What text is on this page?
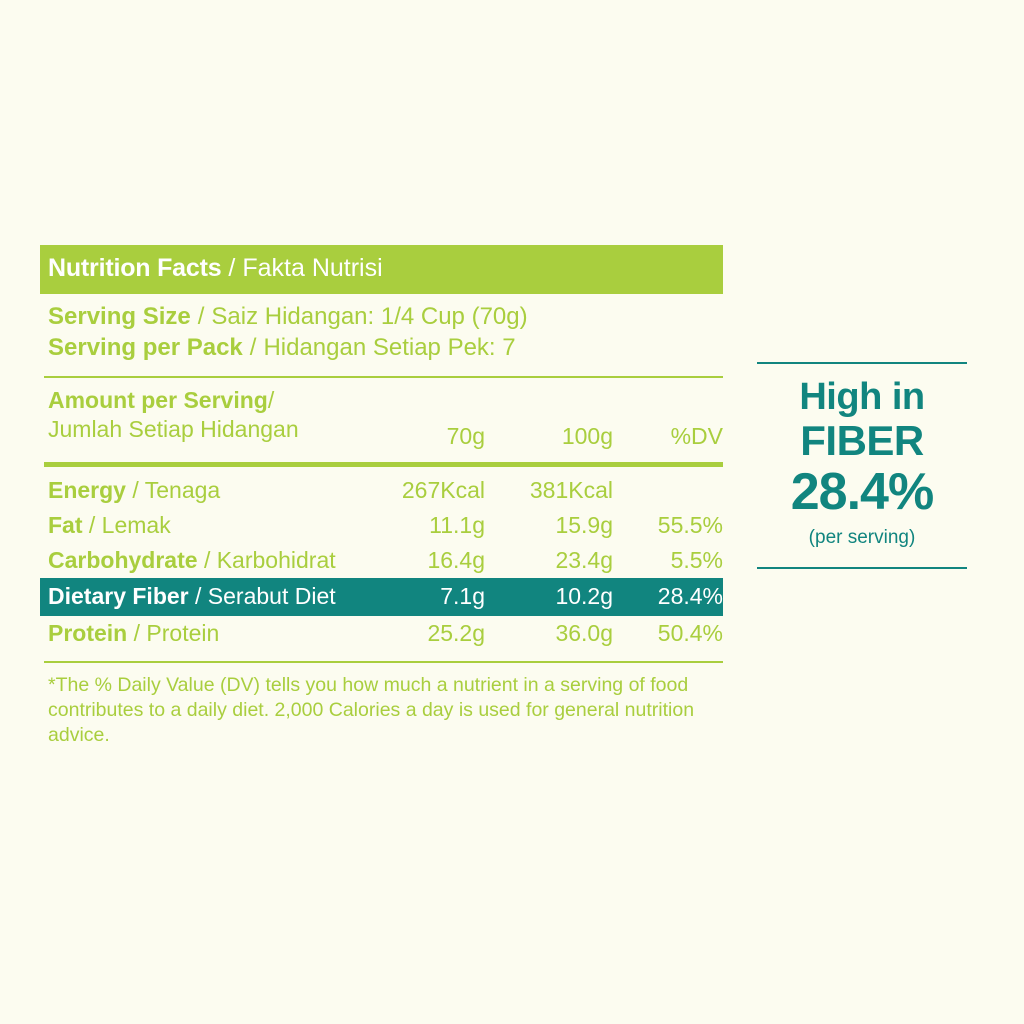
Nutrition Facts / Fakta Nutrisi
Serving Size / Saiz Hidangan: 1/4 Cup (70g)
Serving per Pack / Hidangan Setiap Pek: 7
Amount per Serving/
Jumlah Setiap Hidangan	70g	100g	%DV
Energy / Tenaga	267Kcal	381Kcal
Fat / Lemak	11.1g	15.9g	55.5%
Carbohydrate / Karbohidrat	16.4g	23.4g	5.5%
Dietary Fiber / Serabut Diet	7.1g	10.2g	28.4%
Protein / Protein	25.2g	36.0g	50.4%
*The % Daily Value (DV) tells you how much a nutrient in a serving of food contributes to a daily diet. 2,000 Calories a day is used for general nutrition advice.
High in
FIBER
28.4%
(per serving)
